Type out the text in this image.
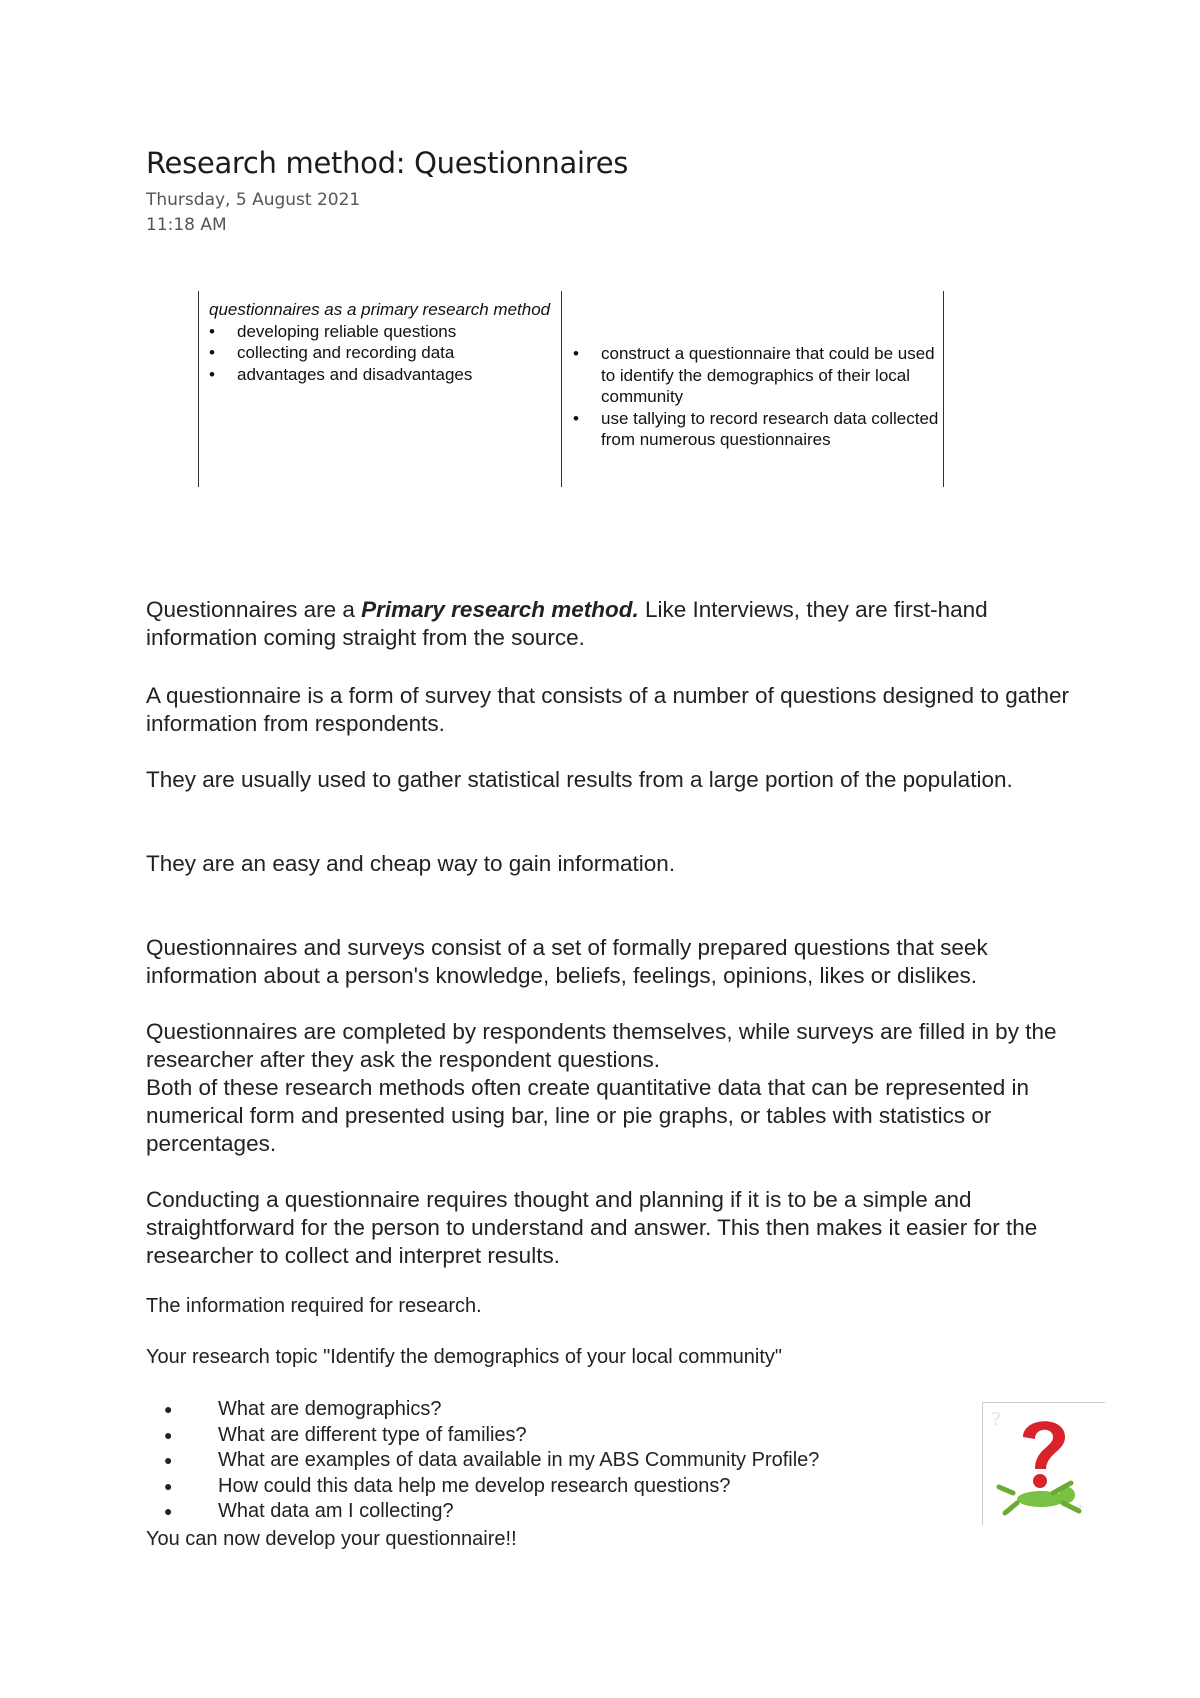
Research method: Questionnaires
Thursday, 5 August 2021
11:18 AM
questionnaires as a primary research method
• developing reliable questions
• collecting and recording data
• advantages and disadvantages
• construct a questionnaire that could be used to identify the demographics of their local community
• use tallying to record research data collected from numerous questionnaires

Questionnaires are a Primary research method. Like Interviews, they are first-hand information coming straight from the source.

A questionnaire is a form of survey that consists of a number of questions designed to gather information from respondents.

They are usually used to gather statistical results from a large portion of the population.

They are an easy and cheap way to gain information.

Questionnaires and surveys consist of a set of formally prepared questions that seek information about a person's knowledge, beliefs, feelings, opinions, likes or dislikes.

Questionnaires are completed by respondents themselves, while surveys are filled in by the researcher after they ask the respondent questions.
Both of these research methods often create quantitative data that can be represented in numerical form and presented using bar, line or pie graphs, or tables with statistics or percentages.

Conducting a questionnaire requires thought and planning if it is to be a simple and straightforward for the person to understand and answer. This then makes it easier for the researcher to collect and interpret results.

The information required for research.

Your research topic "Identify the demographics of your local community"

● What are demographics?
● What are different type of families?
● What are examples of data available in my ABS Community Profile?
● How could this data help me develop research questions?
● What data am I collecting?

You can now develop your questionnaire!!

?
+
